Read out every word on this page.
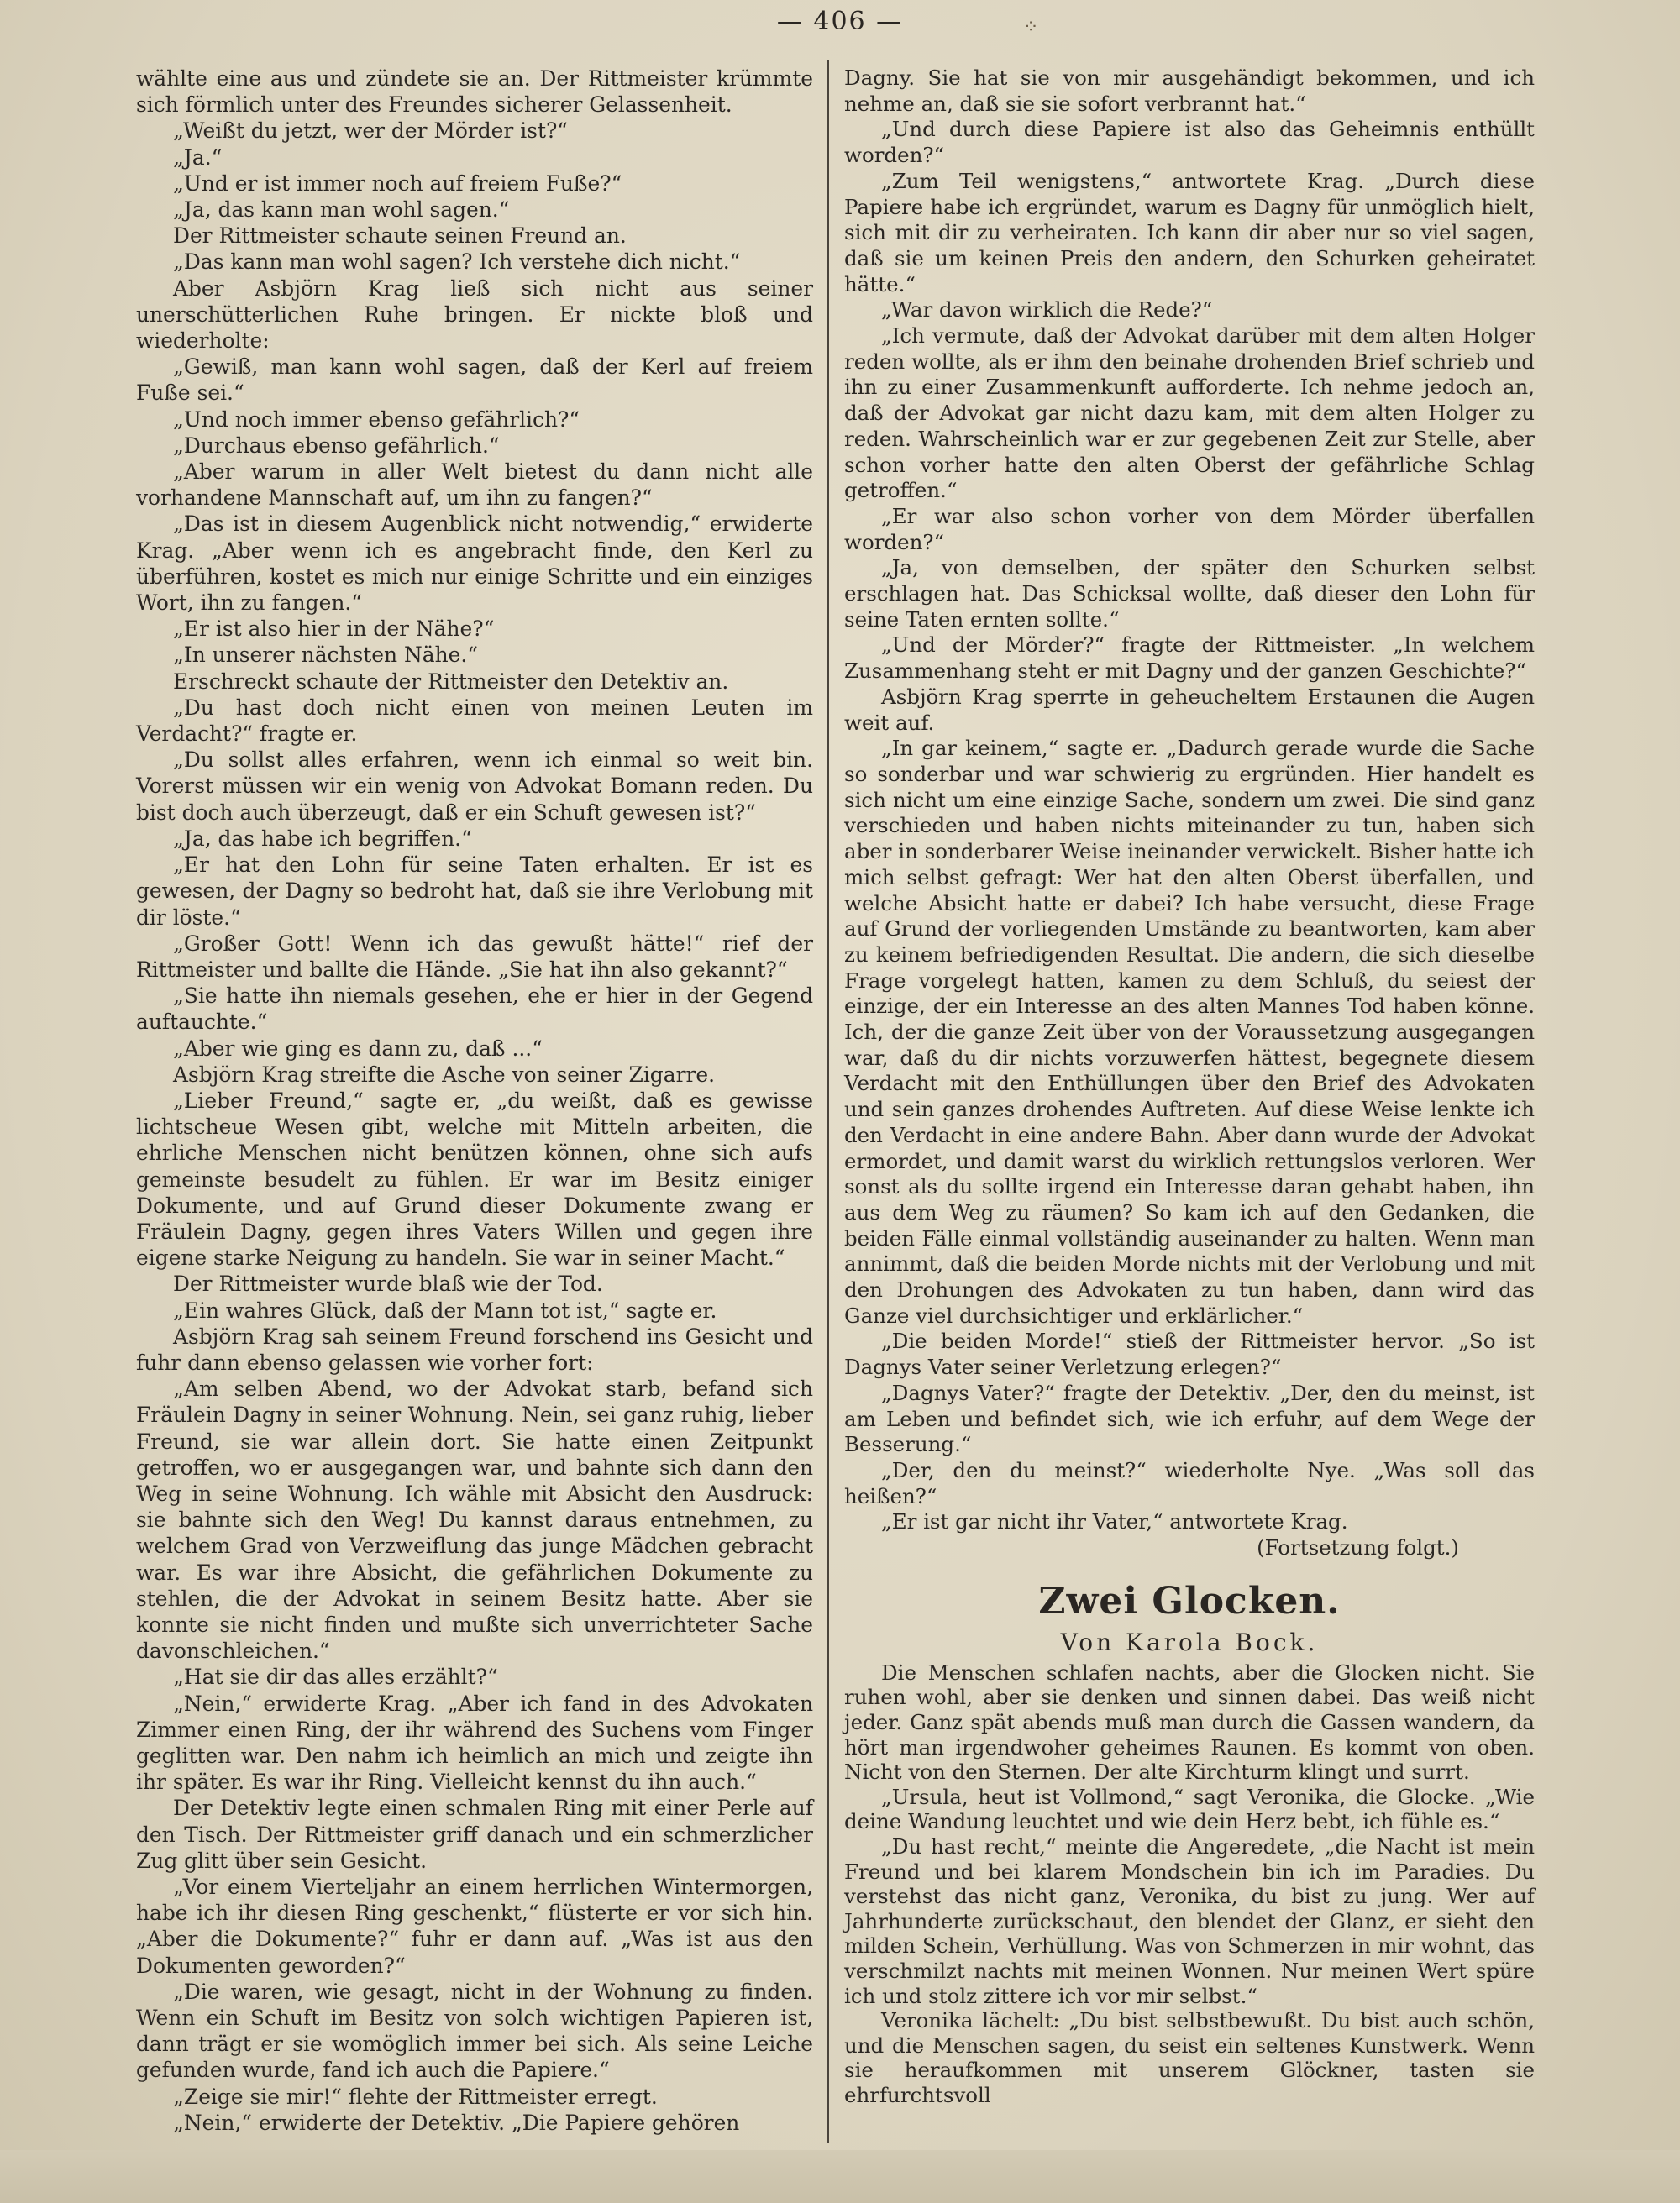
— 406 —	⁘

wählte eine aus und zündete sie an. Der Rittmeister krümmte sich förmlich unter des Freundes sicherer Gelassenheit.

„Weißt du jetzt, wer der Mörder ist?“

„Ja.“

„Und er ist immer noch auf freiem Fuße?“

„Ja, das kann man wohl sagen.“

Der Rittmeister schaute seinen Freund an.

„Das kann man wohl sagen? Ich verstehe dich nicht.“

Aber Asbjörn Krag ließ sich nicht aus seiner unerschütterlichen Ruhe bringen. Er nickte bloß und wiederholte:

„Gewiß, man kann wohl sagen, daß der Kerl auf freiem Fuße sei.“

„Und noch immer ebenso gefährlich?“

„Durchaus ebenso gefährlich.“

„Aber warum in aller Welt bietest du dann nicht alle vorhandene Mannschaft auf, um ihn zu fangen?“

„Das ist in diesem Augenblick nicht notwendig,“ erwiderte Krag. „Aber wenn ich es angebracht finde, den Kerl zu überführen, kostet es mich nur einige Schritte und ein einziges Wort, ihn zu fangen.“

„Er ist also hier in der Nähe?“

„In unserer nächsten Nähe.“

Erschreckt schaute der Rittmeister den Detektiv an.

„Du hast doch nicht einen von meinen Leuten im Verdacht?“ fragte er.

„Du sollst alles erfahren, wenn ich einmal so weit bin. Vorerst müssen wir ein wenig von Advokat Bomann reden. Du bist doch auch überzeugt, daß er ein Schuft gewesen ist?“

„Ja, das habe ich begriffen.“

„Er hat den Lohn für seine Taten erhalten. Er ist es gewesen, der Dagny so bedroht hat, daß sie ihre Verlobung mit dir löste.“

„Großer Gott! Wenn ich das gewußt hätte!“ rief der Rittmeister und ballte die Hände. „Sie hat ihn also gekannt?“

„Sie hatte ihn niemals gesehen, ehe er hier in der Gegend auftauchte.“

„Aber wie ging es dann zu, daß ...“

Asbjörn Krag streifte die Asche von seiner Zigarre.

„Lieber Freund,“ sagte er, „du weißt, daß es gewisse lichtscheue Wesen gibt, welche mit Mitteln arbeiten, die ehrliche Menschen nicht benützen können, ohne sich aufs gemeinste besudelt zu fühlen. Er war im Besitz einiger Dokumente, und auf Grund dieser Dokumente zwang er Fräulein Dagny, gegen ihres Vaters Willen und gegen ihre eigene starke Neigung zu handeln. Sie war in seiner Macht.“

Der Rittmeister wurde blaß wie der Tod.

„Ein wahres Glück, daß der Mann tot ist,“ sagte er.

Asbjörn Krag sah seinem Freund forschend ins Gesicht und fuhr dann ebenso gelassen wie vorher fort:

„Am selben Abend, wo der Advokat starb, befand sich Fräulein Dagny in seiner Wohnung. Nein, sei ganz ruhig, lieber Freund, sie war allein dort. Sie hatte einen Zeitpunkt getroffen, wo er ausgegangen war, und bahnte sich dann den Weg in seine Wohnung. Ich wähle mit Absicht den Ausdruck: sie bahnte sich den Weg! Du kannst daraus entnehmen, zu welchem Grad von Verzweiflung das junge Mädchen gebracht war. Es war ihre Absicht, die gefährlichen Dokumente zu stehlen, die der Advokat in seinem Besitz hatte. Aber sie konnte sie nicht finden und mußte sich unverrichteter Sache davonschleichen.“

„Hat sie dir das alles erzählt?“

„Nein,“ erwiderte Krag. „Aber ich fand in des Advokaten Zimmer einen Ring, der ihr während des Suchens vom Finger geglitten war. Den nahm ich heimlich an mich und zeigte ihn ihr später. Es war ihr Ring. Vielleicht kennst du ihn auch.“

Der Detektiv legte einen schmalen Ring mit einer Perle auf den Tisch. Der Rittmeister griff danach und ein schmerzlicher Zug glitt über sein Gesicht.

„Vor einem Vierteljahr an einem herrlichen Wintermorgen, habe ich ihr diesen Ring geschenkt,“ flüsterte er vor sich hin. „Aber die Dokumente?“ fuhr er dann auf. „Was ist aus den Dokumenten geworden?“

„Die waren, wie gesagt, nicht in der Wohnung zu finden. Wenn ein Schuft im Besitz von solch wichtigen Papieren ist, dann trägt er sie womöglich immer bei sich. Als seine Leiche gefunden wurde, fand ich auch die Papiere.“

„Zeige sie mir!“ flehte der Rittmeister erregt.

„Nein,“ erwiderte der Detektiv. „Die Papiere gehören

Dagny. Sie hat sie von mir ausgehändigt bekommen, und ich nehme an, daß sie sie sofort verbrannt hat.“

„Und durch diese Papiere ist also das Geheimnis enthüllt worden?“

„Zum Teil wenigstens,“ antwortete Krag. „Durch diese Papiere habe ich ergründet, warum es Dagny für unmöglich hielt, sich mit dir zu verheiraten. Ich kann dir aber nur so viel sagen, daß sie um keinen Preis den andern, den Schurken geheiratet hätte.“

„War davon wirklich die Rede?“

„Ich vermute, daß der Advokat darüber mit dem alten Holger reden wollte, als er ihm den beinahe drohenden Brief schrieb und ihn zu einer Zusammenkunft aufforderte. Ich nehme jedoch an, daß der Advokat gar nicht dazu kam, mit dem alten Holger zu reden. Wahrscheinlich war er zur gegebenen Zeit zur Stelle, aber schon vorher hatte den alten Oberst der gefährliche Schlag getroffen.“

„Er war also schon vorher von dem Mörder überfallen worden?“

„Ja, von demselben, der später den Schurken selbst erschlagen hat. Das Schicksal wollte, daß dieser den Lohn für seine Taten ernten sollte.“

„Und der Mörder?“ fragte der Rittmeister. „In welchem Zusammenhang steht er mit Dagny und der ganzen Geschichte?“

Asbjörn Krag sperrte in geheucheltem Erstaunen die Augen weit auf.

„In gar keinem,“ sagte er. „Dadurch gerade wurde die Sache so sonderbar und war schwierig zu ergründen. Hier handelt es sich nicht um eine einzige Sache, sondern um zwei. Die sind ganz verschieden und haben nichts miteinander zu tun, haben sich aber in sonderbarer Weise ineinander verwickelt. Bisher hatte ich mich selbst gefragt: Wer hat den alten Oberst überfallen, und welche Absicht hatte er dabei? Ich habe versucht, diese Frage auf Grund der vorliegenden Umstände zu beantworten, kam aber zu keinem befriedigenden Resultat. Die andern, die sich dieselbe Frage vorgelegt hatten, kamen zu dem Schluß, du seiest der einzige, der ein Interesse an des alten Mannes Tod haben könne. Ich, der die ganze Zeit über von der Voraussetzung ausgegangen war, daß du dir nichts vorzuwerfen hättest, begegnete diesem Verdacht mit den Enthüllungen über den Brief des Advokaten und sein ganzes drohendes Auftreten. Auf diese Weise lenkte ich den Verdacht in eine andere Bahn. Aber dann wurde der Advokat ermordet, und damit warst du wirklich rettungslos verloren. Wer sonst als du sollte irgend ein Interesse daran gehabt haben, ihn aus dem Weg zu räumen? So kam ich auf den Gedanken, die beiden Fälle einmal vollständig auseinander zu halten. Wenn man annimmt, daß die beiden Morde nichts mit der Verlobung und mit den Drohungen des Advokaten zu tun haben, dann wird das Ganze viel durchsichtiger und erklärlicher.“

„Die beiden Morde!“ stieß der Rittmeister hervor. „So ist Dagnys Vater seiner Verletzung erlegen?“

„Dagnys Vater?“ fragte der Detektiv. „Der, den du meinst, ist am Leben und befindet sich, wie ich erfuhr, auf dem Wege der Besserung.“

„Der, den du meinst?“ wiederholte Nye. „Was soll das heißen?“

„Er ist gar nicht ihr Vater,“ antwortete Krag.

(Fortsetzung folgt.)

Zwei Glocken.
Von Karola Bock.

Die Menschen schlafen nachts, aber die Glocken nicht. Sie ruhen wohl, aber sie denken und sinnen dabei. Das weiß nicht jeder. Ganz spät abends muß man durch die Gassen wandern, da hört man irgendwoher geheimes Raunen. Es kommt von oben. Nicht von den Sternen. Der alte Kirchturm klingt und surrt.

„Ursula, heut ist Vollmond,“ sagt Veronika, die Glocke. „Wie deine Wandung leuchtet und wie dein Herz bebt, ich fühle es.“

„Du hast recht,“ meinte die Angeredete, „die Nacht ist mein Freund und bei klarem Mondschein bin ich im Paradies. Du verstehst das nicht ganz, Veronika, du bist zu jung. Wer auf Jahrhunderte zurückschaut, den blendet der Glanz, er sieht den milden Schein, Verhüllung. Was von Schmerzen in mir wohnt, das verschmilzt nachts mit meinen Wonnen. Nur meinen Wert spüre ich und stolz zittere ich vor mir selbst.“

Veronika lächelt: „Du bist selbstbewußt. Du bist auch schön, und die Menschen sagen, du seist ein seltenes Kunstwerk. Wenn sie heraufkommen mit unserem Glöckner, tasten sie ehrfurchtsvoll
